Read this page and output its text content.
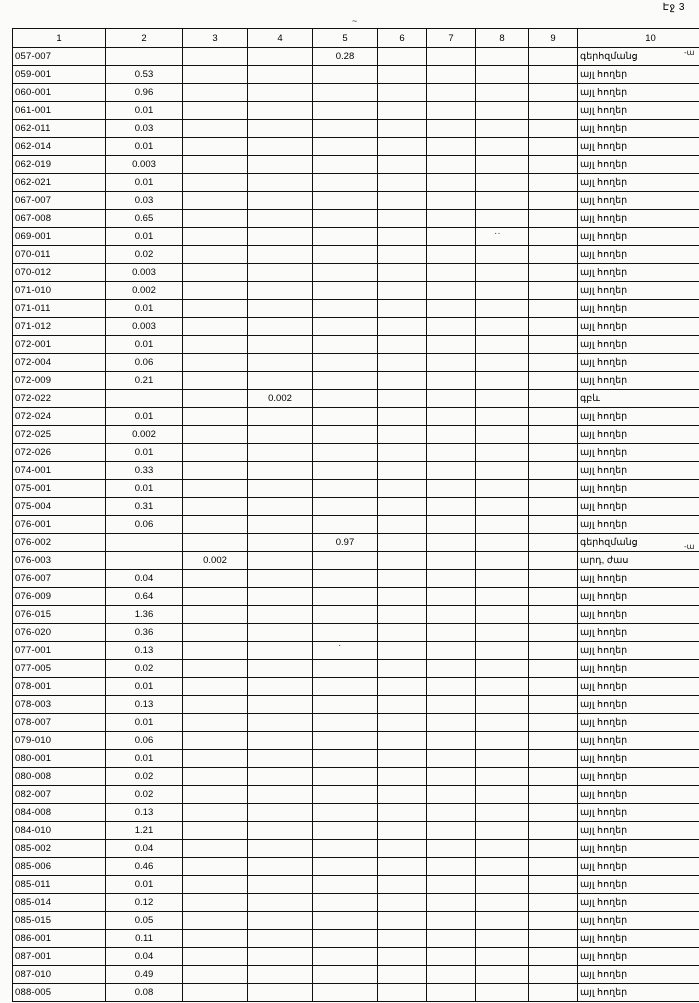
Էջ 3
~
1	2	3	4	5	6	7	8	9	10
057-007				0.28					գերհզմանց
059-001	0.53								այլ հողեր
060-001	0.96								այլ հողեր
061-001	0.01								այլ հողեր
062-011	0.03								այլ հողեր
062-014	0.01								այլ հողեր
062-019	0.003								այլ հողեր
062-021	0.01								այլ հողեր
067-007	0.03								այլ հողեր
067-008	0.65								այլ հողեր
069-001	0.01								այլ հողեր
070-011	0.02								այլ հողեր
070-012	0.003								այլ հողեր
071-010	0.002								այլ հողեր
071-011	0.01								այլ հողեր
071-012	0.003								այլ հողեր
072-001	0.01								այլ հողեր
072-004	0.06								այլ հողեր
072-009	0.21								այլ հողեր
072-022			0.002						գբև
072-024	0.01								այլ հողեր
072-025	0.002								այլ հողեր
072-026	0.01								այլ հողեր
074-001	0.33								այլ հողեր
075-001	0.01								այլ հողեր
075-004	0.31								այլ հողեր
076-001	0.06								այլ հողեր
076-002				0.97					գերհզմանց
076-003		0.002							արդ, ժաս
076-007	0.04								այլ հողեր
076-009	0.64								այլ հողեր
076-015	1.36								այլ հողեր
076-020	0.36								այլ հողեր
077-001	0.13								այլ հողեր
077-005	0.02								այլ հողեր
078-001	0.01								այլ հողեր
078-003	0.13								այլ հողեր
078-007	0.01								այլ հողեր
079-010	0.06								այլ հողեր
080-001	0.01								այլ հողեր
080-008	0.02								այլ հողեր
082-007	0.02								այլ հողեր
084-008	0.13								այլ հողեր
084-010	1.21								այլ հողեր
085-002	0.04								այլ հողեր
085-006	0.46								այլ հողեր
085-011	0.01								այլ հողեր
085-014	0.12								այլ հողեր
085-015	0.05								այլ հողեր
086-001	0.11								այլ հողեր
087-001	0.04								այլ հողեր
087-010	0.49								այլ հողեր
088-005	0.08								այլ հողեր
-ա
-ա
··
·
